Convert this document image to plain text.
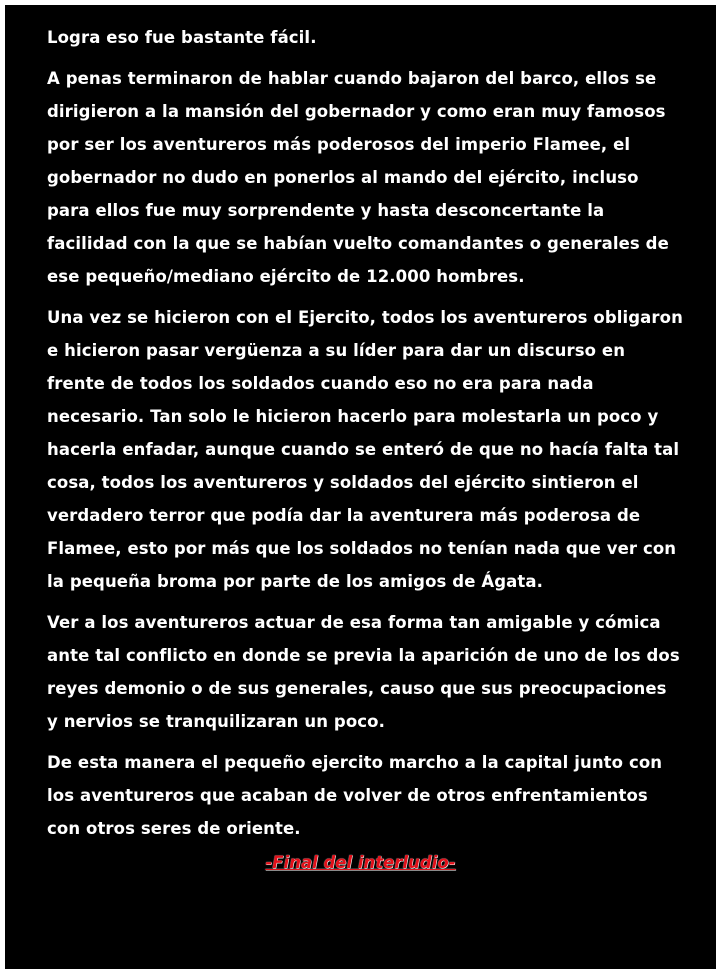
Logra eso fue bastante fácil.
A penas terminaron de hablar cuando bajaron del barco, ellos se
dirigieron a la mansión del gobernador y como eran muy famosos
por ser los aventureros más poderosos del imperio Flamee, el
gobernador no dudo en ponerlos al mando del ejército, incluso
para ellos fue muy sorprendente y hasta desconcertante la
facilidad con la que se habían vuelto comandantes o generales de
ese pequeño/mediano ejército de 12.000 hombres.
Una vez se hicieron con el Ejercito, todos los aventureros obligaron
e hicieron pasar vergüenza a su líder para dar un discurso en
frente de todos los soldados cuando eso no era para nada
necesario. Tan solo le hicieron hacerlo para molestarla un poco y
hacerla enfadar, aunque cuando se enteró de que no hacía falta tal
cosa, todos los aventureros y soldados del ejército sintieron el
verdadero terror que podía dar la aventurera más poderosa de
Flamee, esto por más que los soldados no tenían nada que ver con
la pequeña broma por parte de los amigos de Ágata.
Ver a los aventureros actuar de esa forma tan amigable y cómica
ante tal conflicto en donde se previa la aparición de uno de los dos
reyes demonio o de sus generales, causo que sus preocupaciones
y nervios se tranquilizaran un poco.
De esta manera el pequeño ejercito marcho a la capital junto con
los aventureros que acaban de volver de otros enfrentamientos
con otros seres de oriente.
-Final del interludio-
